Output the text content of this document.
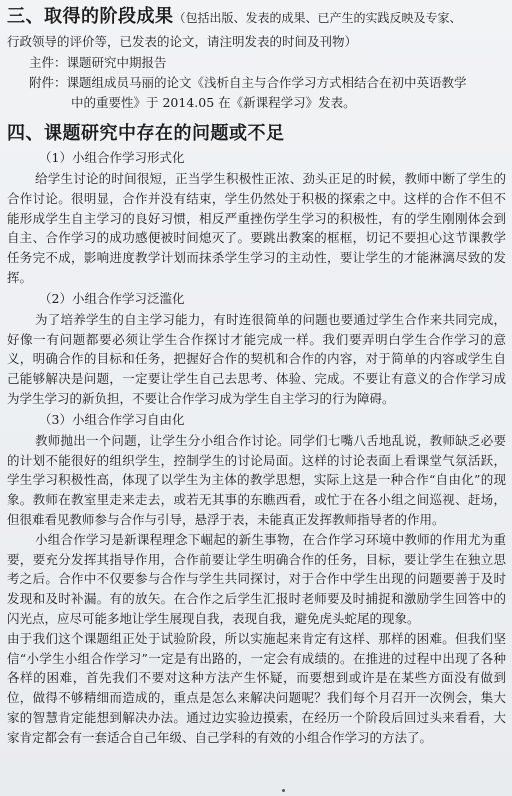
三、取得的阶段成果（包括出版、发表的成果、已产生的实践反映及专家、

行政领导的评价等，已发表的论文，请注明发表的时间及刊物）

主件：课题研究中期报告

附件：课题组成员马丽的论文《浅析自主与合作学习方式相结合在初中英语教学
中的重要性》于 2014.05 在《新课程学习》发表。

四、课题研究中存在的问题或不足

（1）小组合作学习形式化

给学生讨论的时间很短，正当学生积极性正浓、劲头正足的时候，教师中断了学生的合作讨论。很明显，合作并没有结束，学生仍然处于积极的探索之中。这样的合作不但不能形成学生自主学习的良好习惯，相反严重挫伤学生学习的积极性，有的学生刚刚体会到自主、合作学习的成功感便被时间熄灭了。要跳出教案的框框，切记不要担心这节课教学任务完不成，影响进度教学计划而抹杀学生学习的主动性，要让学生的才能淋漓尽致的发挥。

（2）小组合作学习泛滥化

为了培养学生的自主学习能力，有时连很简单的问题也要通过学生合作来共同完成，好像一有问题都要必须让学生合作探讨才能完成一样。我们要弄明白学生合作学习的意义，明确合作的目标和任务，把握好合作的契机和合作的内容，对于简单的内容或学生自己能够解决是问题，一定要让学生自己去思考、体验、完成。不要让有意义的合作学习成为学生学习的新负担，不要让合作学习成为学生自主学习的行为障碍。

（3）小组合作学习自由化

教师抛出一个问题，让学生分小组合作讨论。同学们七嘴八舌地乱说，教师缺乏必要的计划不能很好的组织学生，控制学生的讨论局面。这样的讨论表面上看课堂气氛活跃，学生学习积极性高，体现了以学生为主体的教学思想，实际上这是一种合作“自由化”的现象。教师在教室里走来走去，或若无其事的东瞧西看，或忙于在各小组之间巡视、赶场，但很难看见教师参与合作与引导，悬浮于表，未能真正发挥教师指导者的作用。

小组合作学习是新课程理念下崛起的新生事物，在合作学习环境中教师的作用尤为重要，要充分发挥其指导作用，合作前要让学生明确合作的任务，目标，要让学生在独立思考之后。合作中不仅要参与合作与学生共同探讨，对于合作中学生出现的问题要善于及时发现和及时补漏。有的放矢。在合作之后学生汇报时老师要及时捕捉和激励学生回答中的闪光点，应尽可能多地让学生展现自我，表现自我，避免虎头蛇尾的现象。

由于我们这个课题组正处于试验阶段，所以实施起来肯定有这样、那样的困难。但我们坚信“小学生小组合作学习”一定是有出路的，一定会有成绩的。在推进的过程中出现了各种各样的困难，首先我们不要对这种方法产生怀疑，而要想到或许是在某些方面没有做到位，做得不够精细而造成的，重点是怎么来解决问题呢？我们每个月召开一次例会，集大家的智慧肯定能想到解决办法。通过边实验边摸索，在经历一个阶段后回过头来看看，大家肯定都会有一套适合自己年级、自己学科的有效的小组合作学习的方法了。
